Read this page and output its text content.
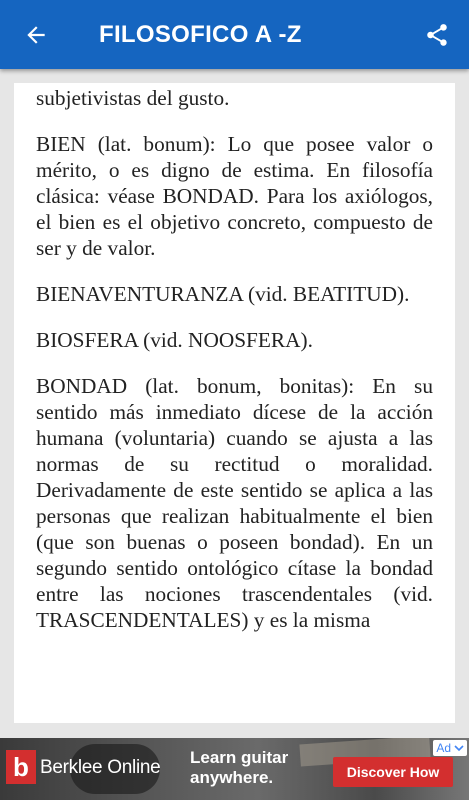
FILOSOFICO A -Z

subjetivistas del gusto.

BIEN (lat. bonum): Lo que posee valor o mérito, o es digno de estima. En filosofía clásica: véase BONDAD. Para los axiólogos, el bien es el objetivo concreto, compuesto de ser y de valor.

BIENAVENTURANZA (vid. BEATITUD).

BIOSFERA (vid. NOOSFERA).

BONDAD (lat. bonum, bonitas): En su sentido más inmediato dícese de la acción humana (voluntaria) cuando se ajusta a las normas de su rectitud o moralidad. Derivadamente de este sentido se aplica a las personas que realizan habitualmente el bien (que son buenas o poseen bondad). En un segundo sentido ontológico cítase la bondad entre las nociones trascendentales (vid. TRASCENDENTALES) y es la misma

b Berklee Online Learn guitar anywhere.	Discover How
Ad
